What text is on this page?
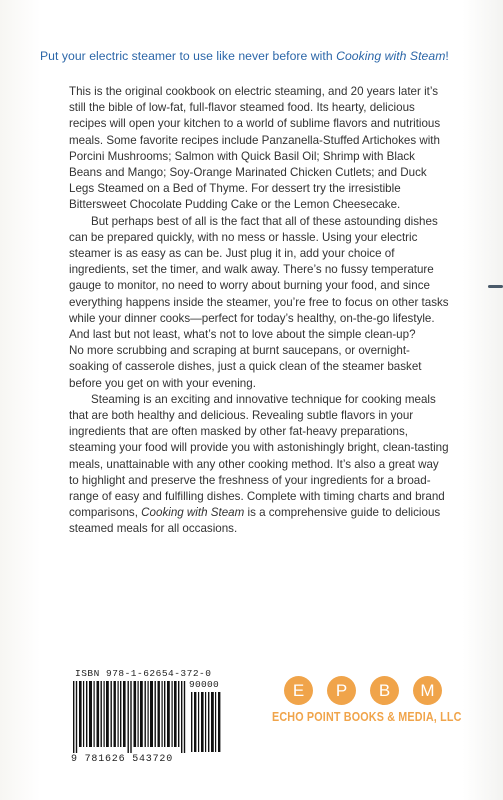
Put your electric steamer to use like never before with Cooking with Steam!

This is the original cookbook on electric steaming, and 20 years later it’s still the bible of low-fat, full-flavor steamed food. Its hearty, delicious recipes will open your kitchen to a world of sublime flavors and nutritious meals. Some favorite recipes include Panzanella-Stuffed Artichokes with Porcini Mushrooms; Salmon with Quick Basil Oil; Shrimp with Black Beans and Mango; Soy-Orange Marinated Chicken Cutlets; and Duck Legs Steamed on a Bed of Thyme. For dessert try the irresistible Bittersweet Chocolate Pudding Cake or the Lemon Cheesecake.

But perhaps best of all is the fact that all of these astounding dishes can be prepared quickly, with no mess or hassle. Using your electric steamer is as easy as can be. Just plug it in, add your choice of ingredients, set the timer, and walk away. There’s no fussy temperature gauge to monitor, no need to worry about burning your food, and since everything happens inside the steamer, you’re free to focus on other tasks while your dinner cooks—perfect for today’s healthy, on-the-go lifestyle. And last but not least, what’s not to love about the simple clean-up?

No more scrubbing and scraping at burnt saucepans, or overnight-soaking of casserole dishes, just a quick clean of the steamer basket before you get on with your evening.

Steaming is an exciting and innovative technique for cooking meals that are both healthy and delicious. Revealing subtle flavors in your ingredients that are often masked by other fat-heavy preparations, steaming your food will provide you with astonishingly bright, clean-tasting meals, unattainable with any other cooking method. It’s also a great way to highlight and preserve the freshness of your ingredients for a broad-range of easy and fulfilling dishes. Complete with timing charts and brand comparisons, Cooking with Steam is a comprehensive guide to delicious steamed meals for all occasions.

ISBN 978-1-62654-372-0
90000
9 781626 543720
E	P	B	M
ECHO POINT BOOKS & MEDIA, LLC
